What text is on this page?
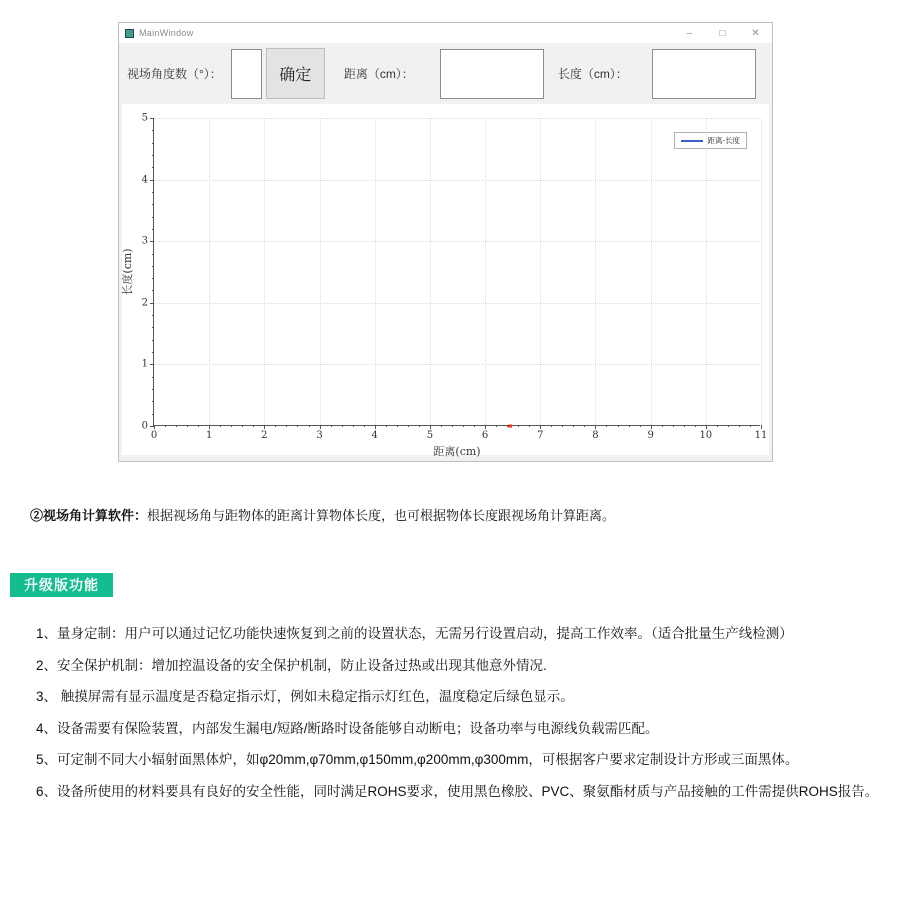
MainWindow	–	□	✕
视场角度数（°）：	确定	距离（cm）：	长度（cm）：
距离(cm)
长度(cm)
距离-长度
0	1	2	3	4	5	6	7	8	9	10	11
0
1
2
3
4
5
②视场角计算软件：根据视场角与距物体的距离计算物体长度，也可根据物体长度跟视场角计算距离。
升级版功能

1、量身定制：用户可以通过记忆功能快速恢复到之前的设置状态，无需另行设置启动，提高工作效率。（适合批量生产线检测）

2、安全保护机制：增加控温设备的安全保护机制，防止设备过热或出现其他意外情况.

3、 触摸屏需有显示温度是否稳定指示灯，例如未稳定指示灯红色，温度稳定后绿色显示。

4、设备需要有保险装置，内部发生漏电/短路/断路时设备能够自动断电；设备功率与电源线负载需匹配。

5、可定制不同大小辐射面黑体炉，如φ20mm,φ70mm,φ150mm,φ200mm,φ300mm，可根据客户要求定制设计方形或三面黑体。

6、设备所使用的材料要具有良好的安全性能，同时满足ROHS要求，使用黑色橡胶、PVC、聚氨酯材质与产品接触的工件需提供ROHS报告。
